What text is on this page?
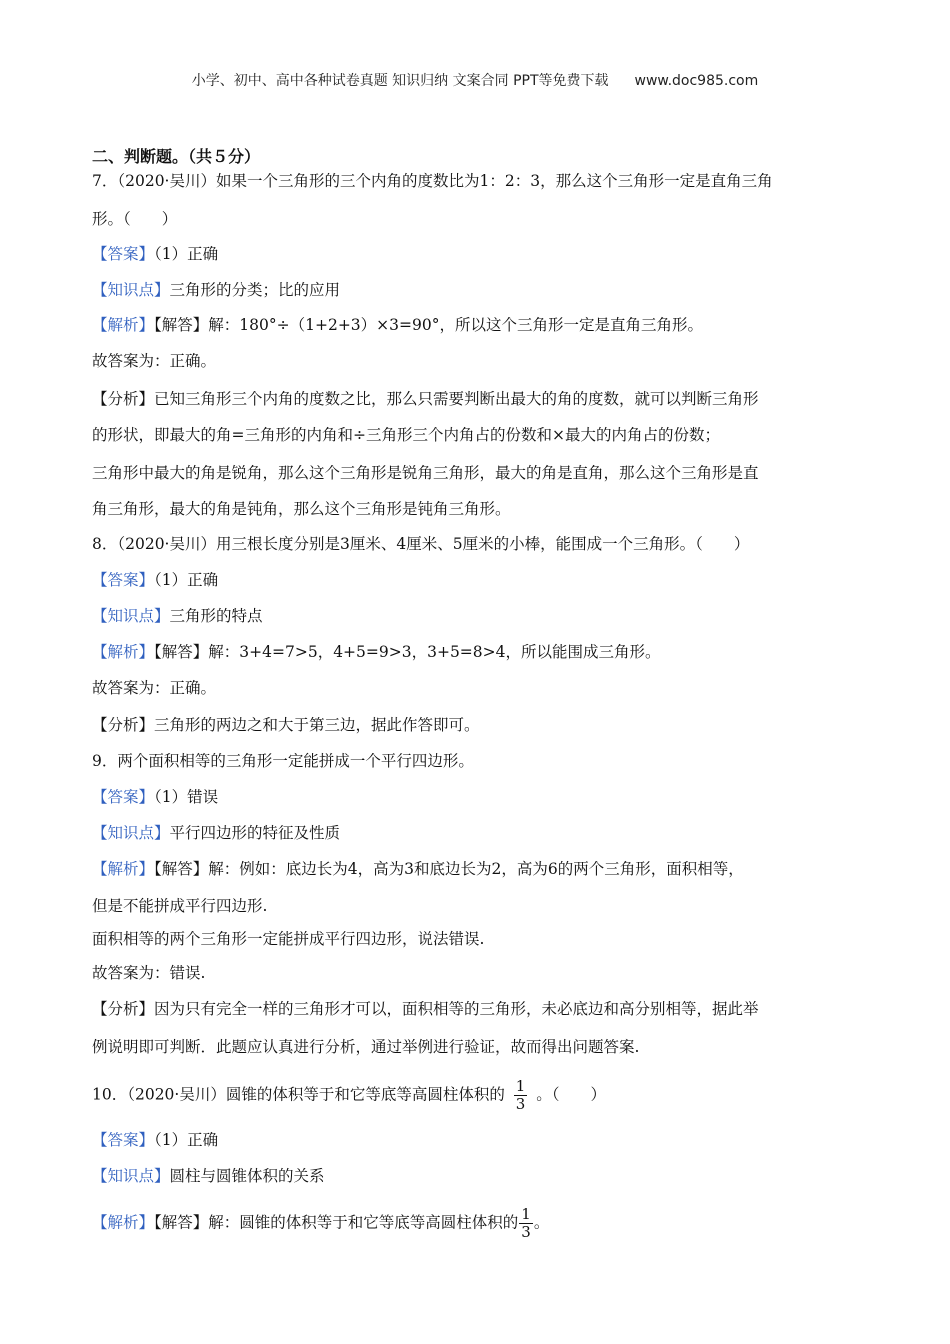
小学、初中、高中各种试卷真题 知识归纳 文案合同 PPT等免费下载 www.doc985.com
二、判断题。（共５分）
7．（2020·吴川）如果一个三角形的三个内角的度数比为1：2：3，那么这个三角形一定是直角三角
形。（　　）
【答案】（1）正确
【知识点】三角形的分类；比的应用
【解析】【解答】解：180°÷（1+2+3）×3=90°，所以这个三角形一定是直角三角形。
故答案为：正确。
【分析】已知三角形三个内角的度数之比，那么只需要判断出最大的角的度数，就可以判断三角形
的形状，即最大的角=三角形的内角和÷三角形三个内角占的份数和×最大的内角占的份数；
三角形中最大的角是锐角，那么这个三角形是锐角三角形，最大的角是直角，那么这个三角形是直
角三角形，最大的角是钝角，那么这个三角形是钝角三角形。
8．（2020·吴川）用三根长度分别是3厘米、4厘米、5厘米的小棒，能围成一个三角形。（　　）
【答案】（1）正确
【知识点】三角形的特点
【解析】【解答】解：3+4=7>5，4+5=9>3，3+5=8>4，所以能围成三角形。
故答案为：正确。
【分析】三角形的两边之和大于第三边，据此作答即可。
9．两个面积相等的三角形一定能拼成一个平行四边形。
【答案】（1）错误
【知识点】平行四边形的特征及性质
【解析】【解答】解：例如：底边长为4，高为3和底边长为2，高为6的两个三角形，面积相等，
但是不能拼成平行四边形.
面积相等的两个三角形一定能拼成平行四边形，说法错误.
故答案为：错误.
【分析】因为只有完全一样的三角形才可以，面积相等的三角形，未必底边和高分别相等，据此举
例说明即可判断．此题应认真进行分析，通过举例进行验证，故而得出问题答案.
10．（2020·吴川）圆锥的体积等于和它等底等高圆柱体积的 $\frac{1}{3}$ 。（　　）
【答案】（1）正确
【知识点】圆柱与圆锥体积的关系
【解析】【解答】解：圆锥的体积等于和它等底等高圆柱体积的 $\frac{1}{3}$ 。
